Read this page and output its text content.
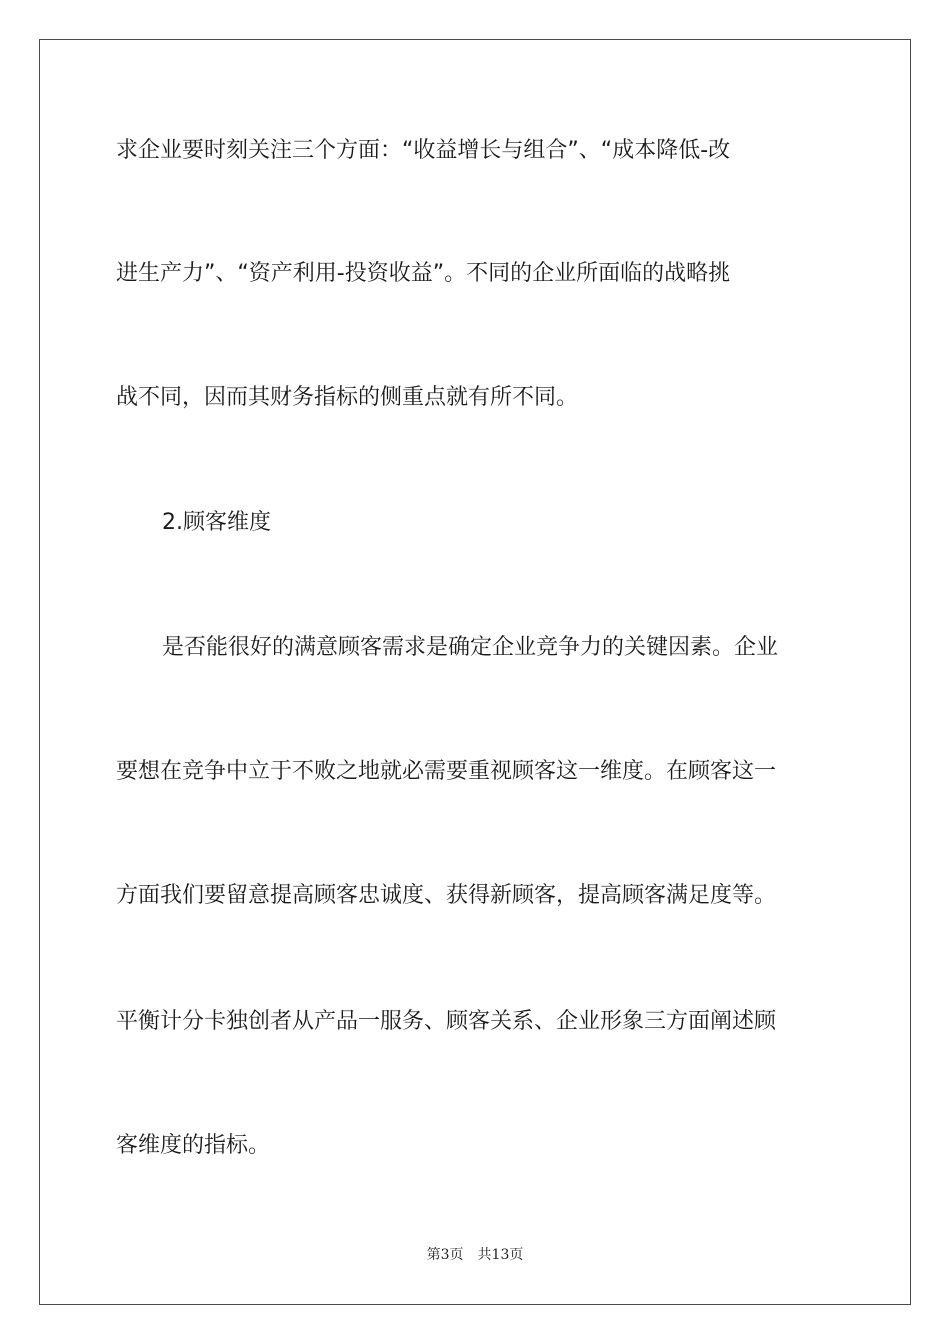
求企业要时刻关注三个方面：“收益增长与组合”、“成本降低-改
进生产力”、“资产利用-投资收益”。不同的企业所面临的战略挑
战不同，因而其财务指标的侧重点就有所不同。
2.顾客维度
是否能很好的满意顾客需求是确定企业竞争力的关键因素。企业
要想在竞争中立于不败之地就必需要重视顾客这一维度。在顾客这一
方面我们要留意提高顾客忠诚度、获得新顾客，提高顾客满足度等。
平衡计分卡独创者从产品一服务、顾客关系、企业形象三方面阐述顾
客维度的指标。
第3页 共13页
